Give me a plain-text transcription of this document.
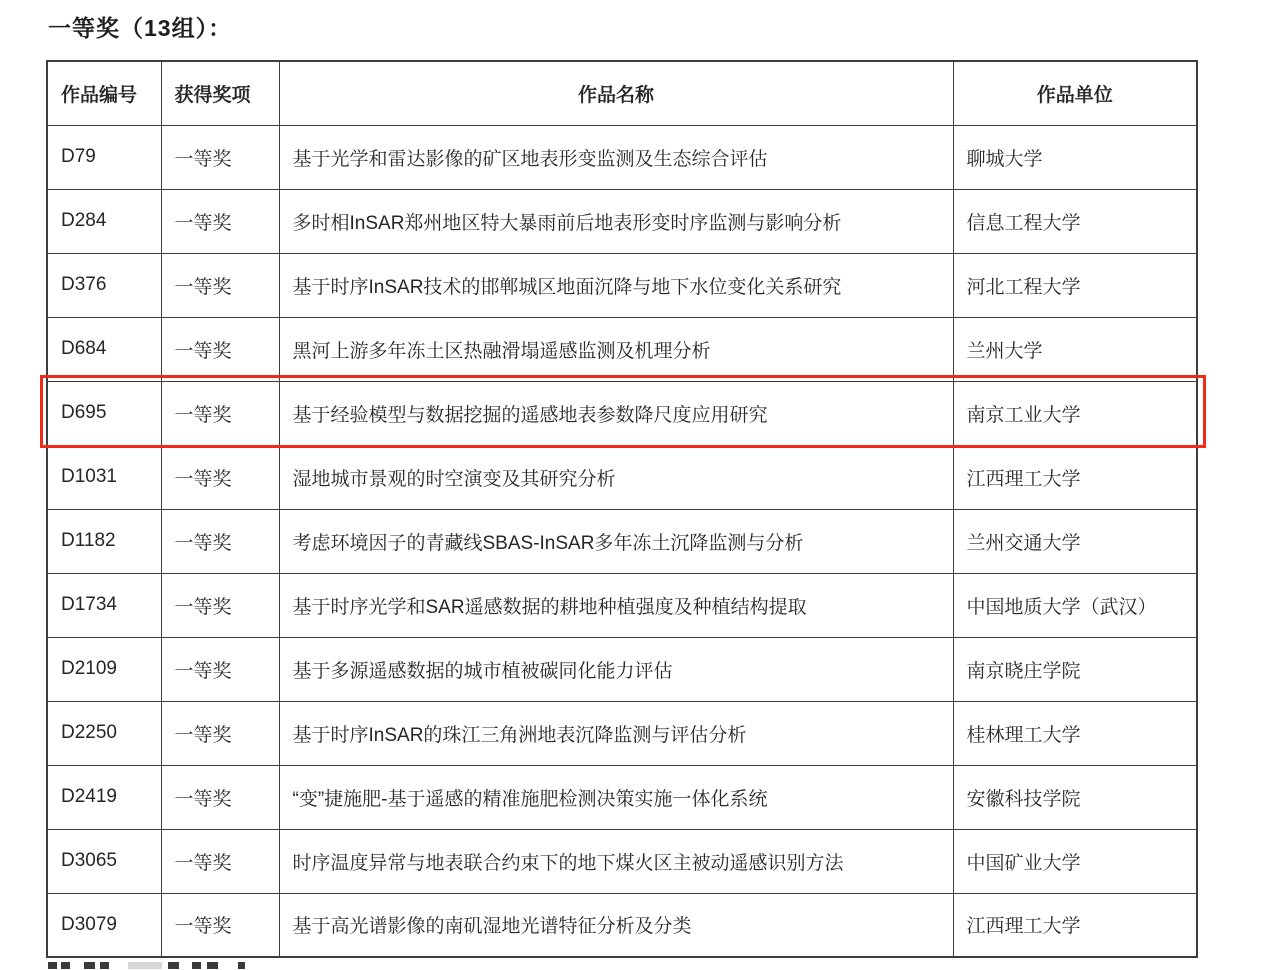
一等奖（13组）：
作品编号	获得奖项	作品名称	作品单位
D79	一等奖	基于光学和雷达影像的矿区地表形变监测及生态综合评估	聊城大学
D284	一等奖	多时相InSAR郑州地区特大暴雨前后地表形变时序监测与影响分析	信息工程大学
D376	一等奖	基于时序InSAR技术的邯郸城区地面沉降与地下水位变化关系研究	河北工程大学
D684	一等奖	黑河上游多年冻土区热融滑塌遥感监测及机理分析	兰州大学
D695	一等奖	基于经验模型与数据挖掘的遥感地表参数降尺度应用研究	南京工业大学
D1031	一等奖	湿地城市景观的时空演变及其研究分析	江西理工大学
D1182	一等奖	考虑环境因子的青藏线SBAS-InSAR多年冻土沉降监测与分析	兰州交通大学
D1734	一等奖	基于时序光学和SAR遥感数据的耕地种植强度及种植结构提取	中国地质大学（武汉）
D2109	一等奖	基于多源遥感数据的城市植被碳同化能力评估	南京晓庄学院
D2250	一等奖	基于时序InSAR的珠江三角洲地表沉降监测与评估分析	桂林理工大学
D2419	一等奖	“变”捷施肥-基于遥感的精准施肥检测决策实施一体化系统	安徽科技学院
D3065	一等奖	时序温度异常与地表联合约束下的地下煤火区主被动遥感识别方法	中国矿业大学
D3079	一等奖	基于高光谱影像的南矶湿地光谱特征分析及分类	江西理工大学
